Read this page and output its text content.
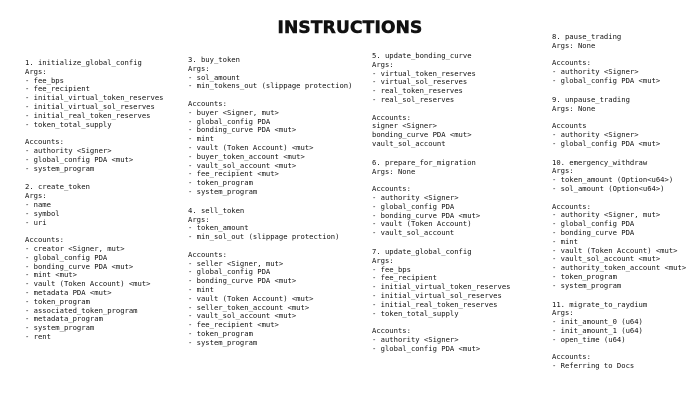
INSTRUCTIONS
1. initialize_global_config
Args:
- fee_bps
- fee_recipient
- initial_virtual_token_reserves
- initial_virtual_sol_reserves
- initial_real_token_reserves
- token_total_supply
Accounts:
- authority <Signer>
- global_config PDA <mut>
- system_program
2. create_token
Args:
- name
- symbol
- uri
Accounts:
- creator <Signer, mut>
- global_config PDA
- bonding_curve PDA <mut>
- mint <mut>
- vault (Token Account) <mut>
- metadata PDA <mut>
- token_program
- associated_token_program
- metadata_program
- system_program
- rent
3. buy_token
Args:
- sol_amount
- min_tokens_out (slippage protection)
Accounts:
- buyer <Signer, mut>
- global_config PDA
- bonding_curve PDA <mut>
- mint
- vault (Token Account) <mut>
- buyer_token_account <mut>
- vault_sol_account <mut>
- fee_recipient <mut>
- token_program
- system_program
4. sell_token
Args:
- token_amount
- min_sol_out (slippage protection)
Accounts:
- seller <Signer, mut>
- global_config PDA
- bonding_curve PDA <mut>
- mint
- vault (Token Account) <mut>
- seller_token_account <mut>
- vault_sol_account <mut>
- fee_recipient <mut>
- token_program
- system_program
5. update_bonding_curve
Args:
- virtual_token_reserves
- virtual_sol_reserves
- real_token_reserves
- real_sol_reserves
Accounts:
signer <Signer>
bonding_curve PDA <mut>
vault_sol_account
6. prepare_for_migration
Args: None
Accounts:
- authority <Signer>
- global_config PDA
- bonding_curve PDA <mut>
- vault (Token Account)
- vault_sol_account
7. update_global_config
Args:
- fee_bps
- fee_recipient
- initial_virtual_token_reserves
- initial_virtual_sol_reserves
- initial_real_token_reserves
- token_total_supply
Accounts:
- authority <Signer>
- global_config PDA <mut>
8. pause_trading
Args: None
Accounts:
- authority <Signer>
- global_config PDA <mut>
9. unpause_trading
Args: None
Accounts
- authority <Signer>
- global_config PDA <mut>
10. emergency_withdraw
Args:
- token_amount (Option<u64>)
- sol_amount (Option<u64>)
Accounts:
- authority <Signer, mut>
- global_config PDA
- bonding_curve PDA
- mint
- vault (Token Account) <mut>
- vault_sol_account <mut>
- authority_token_account <mut>
- token_program
- system_program
11. migrate_to_raydium
Args:
- init_amount_0 (u64)
- init_amount_1 (u64)
- open_time (u64)
Accounts:
- Referring to Docs
